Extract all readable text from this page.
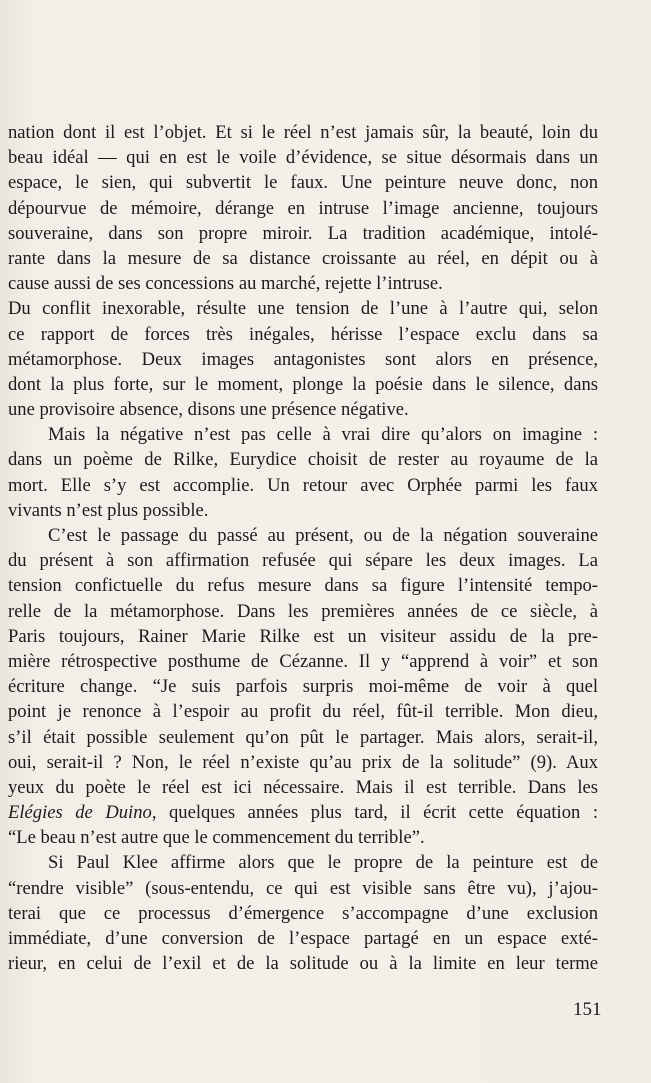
nation dont il est l’objet. Et si le réel n’est jamais sûr, la beauté, loin du
beau idéal — qui en est le voile d’évidence, se situe désormais dans un
espace, le sien, qui subvertit le faux. Une peinture neuve donc, non
dépourvue de mémoire, dérange en intruse l’image ancienne, toujours
souveraine, dans son propre miroir. La tradition académique, intolé-
rante dans la mesure de sa distance croissante au réel, en dépit ou à
cause aussi de ses concessions au marché, rejette l’intruse.
Du conflit inexorable, résulte une tension de l’une à l’autre qui, selon
ce rapport de forces très inégales, hérisse l’espace exclu dans sa
métamorphose. Deux images antagonistes sont alors en présence,
dont la plus forte, sur le moment, plonge la poésie dans le silence, dans
une provisoire absence, disons une présence négative.
Mais la négative n’est pas celle à vrai dire qu’alors on imagine :
dans un poème de Rilke, Eurydice choisit de rester au royaume de la
mort. Elle s’y est accomplie. Un retour avec Orphée parmi les faux
vivants n’est plus possible.
C’est le passage du passé au présent, ou de la négation souveraine
du présent à son affirmation refusée qui sépare les deux images. La
tension confictuelle du refus mesure dans sa figure l’intensité tempo-
relle de la métamorphose. Dans les premières années de ce siècle, à
Paris toujours, Rainer Marie Rilke est un visiteur assidu de la pre-
mière rétrospective posthume de Cézanne. Il y “apprend à voir” et son
écriture change. “Je suis parfois surpris moi-même de voir à quel
point je renonce à l’espoir au profit du réel, fût-il terrible. Mon dieu,
s’il était possible seulement qu’on pût le partager. Mais alors, serait-il,
oui, serait-il ? Non, le réel n’existe qu’au prix de la solitude” (9). Aux
yeux du poète le réel est ici nécessaire. Mais il est terrible. Dans les
Elégies de Duino, quelques années plus tard, il écrit cette équation :
“Le beau n’est autre que le commencement du terrible”.
Si Paul Klee affirme alors que le propre de la peinture est de
“rendre visible” (sous-entendu, ce qui est visible sans être vu), j’ajou-
terai que ce processus d’émergence s’accompagne d’une exclusion
immédiate, d’une conversion de l’espace partagé en un espace exté-
rieur, en celui de l’exil et de la solitude ou à la limite en leur terme
151
